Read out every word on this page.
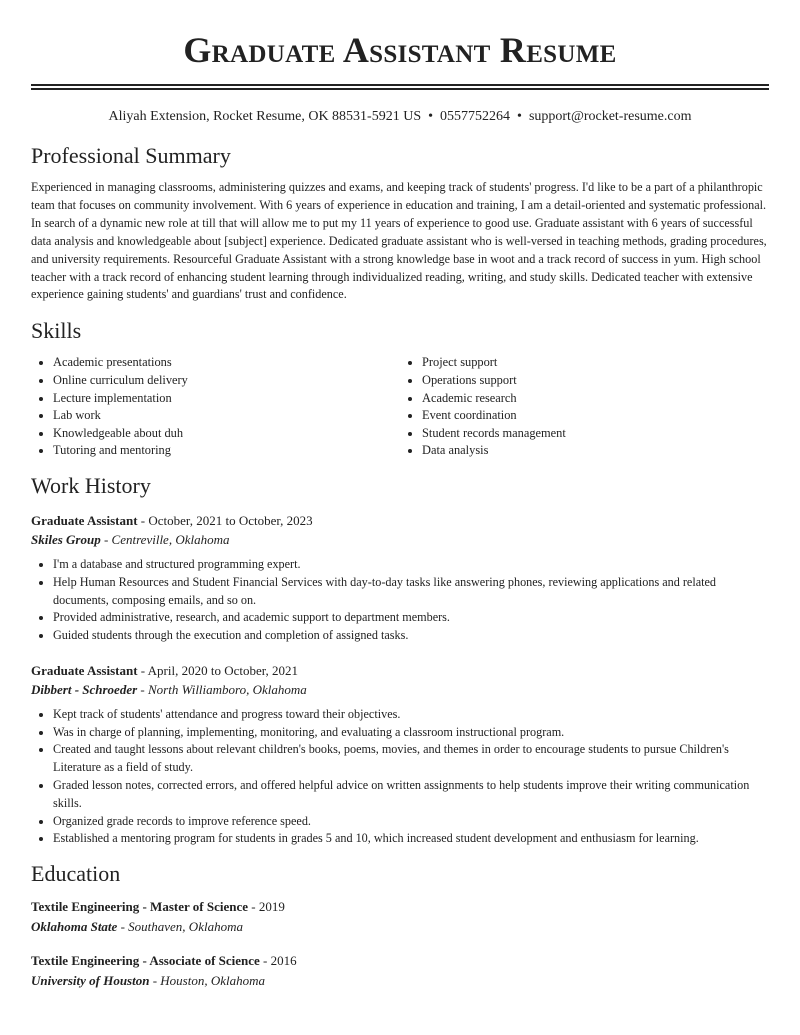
Graduate Assistant Resume
Aliyah Extension, Rocket Resume, OK 88531-5921 US • 0557752264 • support@rocket-resume.com
Professional Summary

Experienced in managing classrooms, administering quizzes and exams, and keeping track of students' progress. I'd like to be a part of a philanthropic team that focuses on community involvement. With 6 years of experience in education and training, I am a detail-oriented and systematic professional. In search of a dynamic new role at till that will allow me to put my 11 years of experience to good use. Graduate assistant with 6 years of successful data analysis and knowledgeable about [subject] experience. Dedicated graduate assistant who is well-versed in teaching methods, grading procedures, and university requirements. Resourceful Graduate Assistant with a strong knowledge base in woot and a track record of success in yum. High school teacher with a track record of enhancing student learning through individualized reading, writing, and study skills. Dedicated teacher with extensive experience gaining students' and guardians' trust and confidence.

Skills
• Academic presentations
• Online curriculum delivery
• Lecture implementation
• Lab work
• Knowledgeable about duh
• Tutoring and mentoring
• Project support
• Operations support
• Academic research
• Event coordination
• Student records management
• Data analysis
Work History
Graduate Assistant - October, 2021 to October, 2023
Skiles Group - Centreville, Oklahoma
• I'm a database and structured programming expert.
• Help Human Resources and Student Financial Services with day-to-day tasks like answering phones, reviewing applications and related documents, composing emails, and so on.
• Provided administrative, research, and academic support to department members.
• Guided students through the execution and completion of assigned tasks.
Graduate Assistant - April, 2020 to October, 2021
Dibbert - Schroeder - North Williamboro, Oklahoma
• Kept track of students' attendance and progress toward their objectives.
• Was in charge of planning, implementing, monitoring, and evaluating a classroom instructional program.
• Created and taught lessons about relevant children's books, poems, movies, and themes in order to encourage students to pursue Children's Literature as a field of study.
• Graded lesson notes, corrected errors, and offered helpful advice on written assignments to help students improve their writing communication skills.
• Organized grade records to improve reference speed.
• Established a mentoring program for students in grades 5 and 10, which increased student development and enthusiasm for learning.
Education
Textile Engineering - Master of Science - 2019
Oklahoma State - Southaven, Oklahoma
Textile Engineering - Associate of Science - 2016
University of Houston - Houston, Oklahoma
